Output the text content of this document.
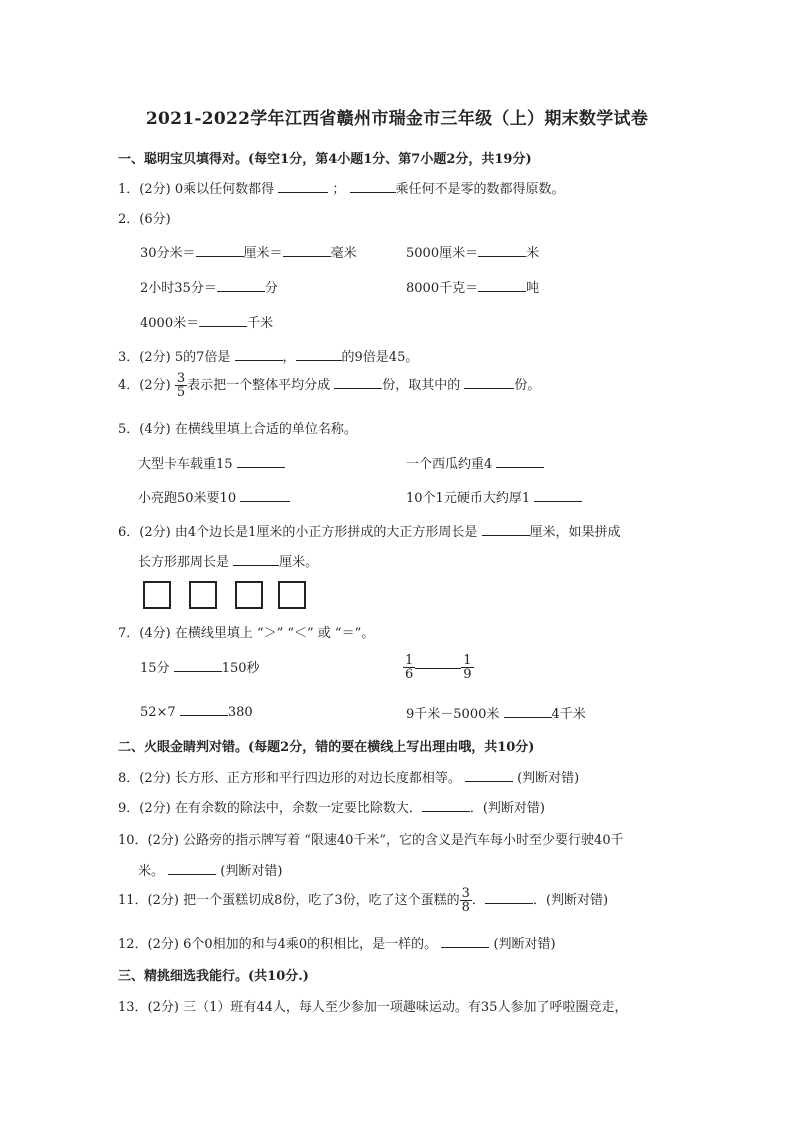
2021-2022学年江西省赣州市瑞金市三年级（上）期末数学试卷
一、聪明宝贝填得对。(每空1分，第4小题1分、第7小题2分，共19分)
1．(2分) 0乘以任何数都得	；	乘任何不是零的数都得原数。
2．(6分)
30分米＝	厘米＝	毫米	5000厘米＝	米
2小时35分＝	分	8000千克＝	吨
4000米＝	千米
3．(2分) 5的7倍是	，	的9倍是45。
4．(2分) $\frac{3}{5}$ 表示把一个整体平均分成	份，取其中的	份。
5．(4分) 在横线里填上合适的单位名称。
大型卡车载重15	一个西瓜约重4
小亮跑50米要10	10个1元硬币大约厚1
6．(2分) 由4个边长是1厘米的小正方形拼成的大正方形周长是	厘米，如果拼成
长方形那周长是	厘米。
7．(4分) 在横线里填上 “＞” “＜” 或 “＝”。
15分	150秒	$\frac{1}{6}$	$\frac{1}{9}$
52×7	380	9千米－5000米	4千米
二、火眼金睛判对错。(每题2分，错的要在横线上写出理由哦，共10分)
8．(2分) 长方形、正方形和平行四边形的对边长度都相等。	(判断对错)
9．(2分) 在有余数的除法中，余数一定要比除数大．	．(判断对错)
10．(2分) 公路旁的指示牌写着 “限速40千米”，它的含义是汽车每小时至少要行驶40千
米。	(判断对错)
11．(2分) 把一个蛋糕切成8份，吃了3份，吃了这个蛋糕的 $\frac{3}{8}$ ．	．(判断对错)
12．(2分) 6个0相加的和与4乘0的积相比，是一样的。	(判断对错)
三、精挑细选我能行。(共10分.)
13．(2分) 三（1）班有44人，每人至少参加一项趣味运动。有35人参加了呼啦圈竞走，
